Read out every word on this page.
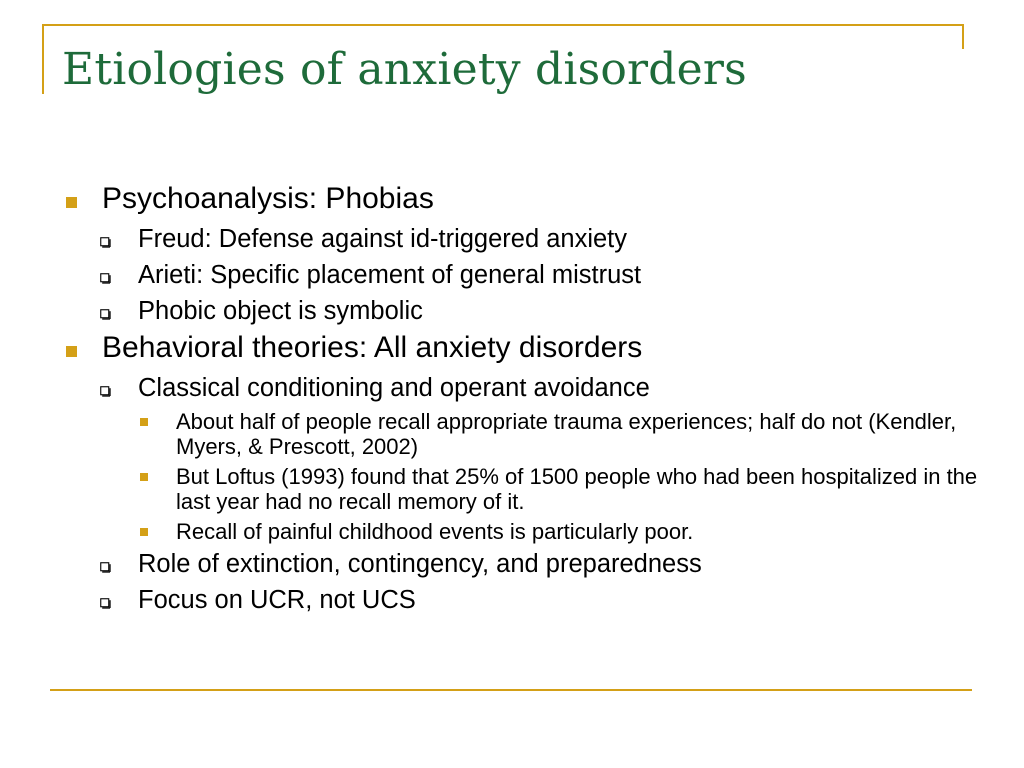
Etiologies of anxiety disorders
Psychoanalysis: Phobias
Freud: Defense against id-triggered anxiety
Arieti: Specific placement of general mistrust
Phobic object is symbolic
Behavioral theories: All anxiety disorders
Classical conditioning and operant avoidance
About half of people recall appropriate trauma experiences; half do not (Kendler, Myers, & Prescott, 2002)
But Loftus (1993) found that 25% of 1500 people who had been hospitalized in the last year had no recall memory of it.
Recall of painful childhood events is particularly poor.
Role of extinction, contingency, and preparedness
Focus on UCR, not UCS
